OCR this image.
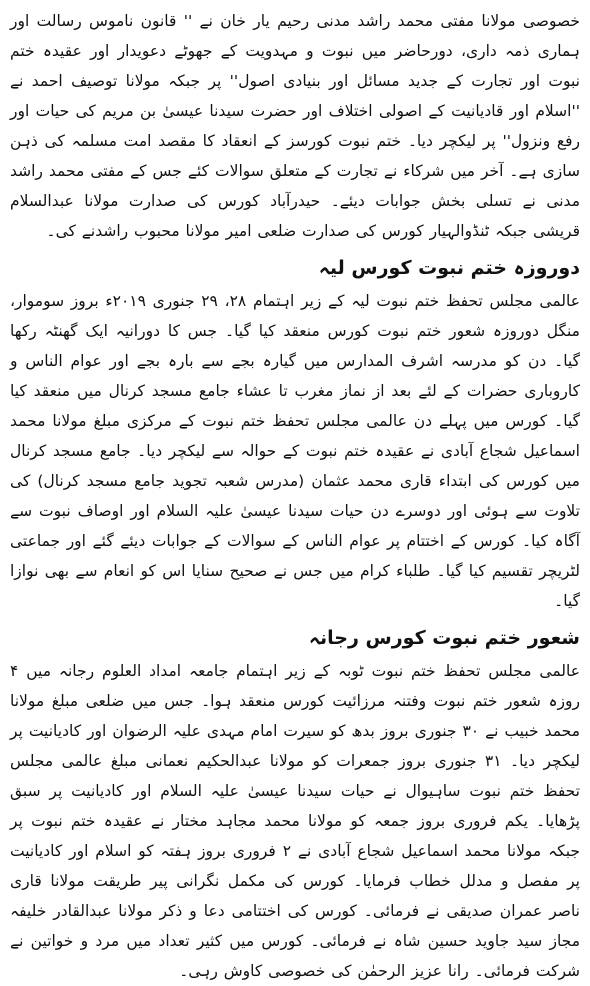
خصوصی مولانا مفتی محمد راشد مدنی رحیم یار خان نے '' قانون ناموس رسالت اور ہماری ذمہ داری، دورحاضر میں نبوت و مہدویت کے جھوٹے دعویدار اور عقیدہ ختم نبوت اور تجارت کے جدید مسائل اور بنیادی اصول'' پر جبکہ مولانا توصیف احمد نے ''اسلام اور قادیانیت کے اصولی اختلاف اور حضرت سیدنا عیسیٰ بن مریم کی حیات اور رفع ونزول'' پر لیکچر دیا۔ ختم نبوت کورسز کے انعقاد کا مقصد امت مسلمہ کی ذہن سازی ہے۔ آخر میں شرکاء نے تجارت کے متعلق سوالات کئے جس کے مفتی محمد راشد مدنی نے تسلی بخش جوابات دیئے۔ حیدرآباد کورس کی صدارت مولانا عبدالسلام قریشی جبکہ ٹنڈوالہیار کورس کی صدارت ضلعی امیر مولانا محبوب راشدنے کی۔

دوروزہ ختم نبوت کورس لیہ

عالمی مجلس تحفظ ختم نبوت لیہ کے زیر اہتمام ۲۸، ۲۹ جنوری ۲۰۱۹ء بروز سوموار، منگل دوروزہ شعور ختم نبوت کورس منعقد کیا گیا۔ جس کا دورانیہ ایک گھنٹہ رکھا گیا۔ دن کو مدرسہ اشرف المدارس میں گیارہ بجے سے بارہ بجے اور عوام الناس و کاروباری حضرات کے لئے بعد از نماز مغرب تا عشاء جامع مسجد کرنال میں منعقد کیا گیا۔ کورس میں پہلے دن عالمی مجلس تحفظ ختم نبوت کے مرکزی مبلغ مولانا محمد اسماعیل شجاع آبادی نے عقیدہ ختم نبوت کے حوالہ سے لیکچر دیا۔ جامع مسجد کرنال میں کورس کی ابتداء قاری محمد عثمان (مدرس شعبہ تجوید جامع مسجد کرنال) کی تلاوت سے ہوئی اور دوسرے دن حیات سیدنا عیسیٰ علیہ السلام اور اوصاف نبوت سے آگاہ کیا۔ کورس کے اختتام پر عوام الناس کے سوالات کے جوابات دیئے گئے اور جماعتی لٹریچر تقسیم کیا گیا۔ طلباء کرام میں جس نے صحیح سنایا اس کو انعام سے بھی نوازا گیا۔

شعور ختم نبوت کورس رجانہ

عالمی مجلس تحفظ ختم نبوت ٹوبہ کے زیر اہتمام جامعہ امداد العلوم رجانہ میں ۴ روزہ شعور ختم نبوت وفتنہ مرزائیت کورس منعقد ہوا۔ جس میں ضلعی مبلغ مولانا محمد خبیب نے ۳۰ جنوری بروز بدھ کو سیرت امام مہدی علیہ الرضوان اور کادیانیت پر لیکچر دیا۔ ۳۱ جنوری بروز جمعرات کو مولانا عبدالحکیم نعمانی مبلغ عالمی مجلس تحفظ ختم نبوت ساہیوال نے حیات سیدنا عیسیٰ علیہ السلام اور کادیانیت پر سبق پڑھایا۔ یکم فروری بروز جمعہ کو مولانا محمد مجاہد مختار نے عقیدہ ختم نبوت پر جبکہ مولانا محمد اسماعیل شجاع آبادی نے ۲ فروری بروز ہفتہ کو اسلام اور کادیانیت پر مفصل و مدلل خطاب فرمایا۔ کورس کی مکمل نگرانی پیر طریقت مولانا قاری ناصر عمران صدیقی نے فرمائی۔ کورس کی اختتامی دعا و ذکر مولانا عبدالقادر خلیفہ مجاز سید جاوید حسین شاہ نے فرمائی۔ کورس میں کثیر تعداد میں مرد و خواتین نے شرکت فرمائی۔ رانا عزیز الرحمٰن کی خصوصی کاوش رہی۔
